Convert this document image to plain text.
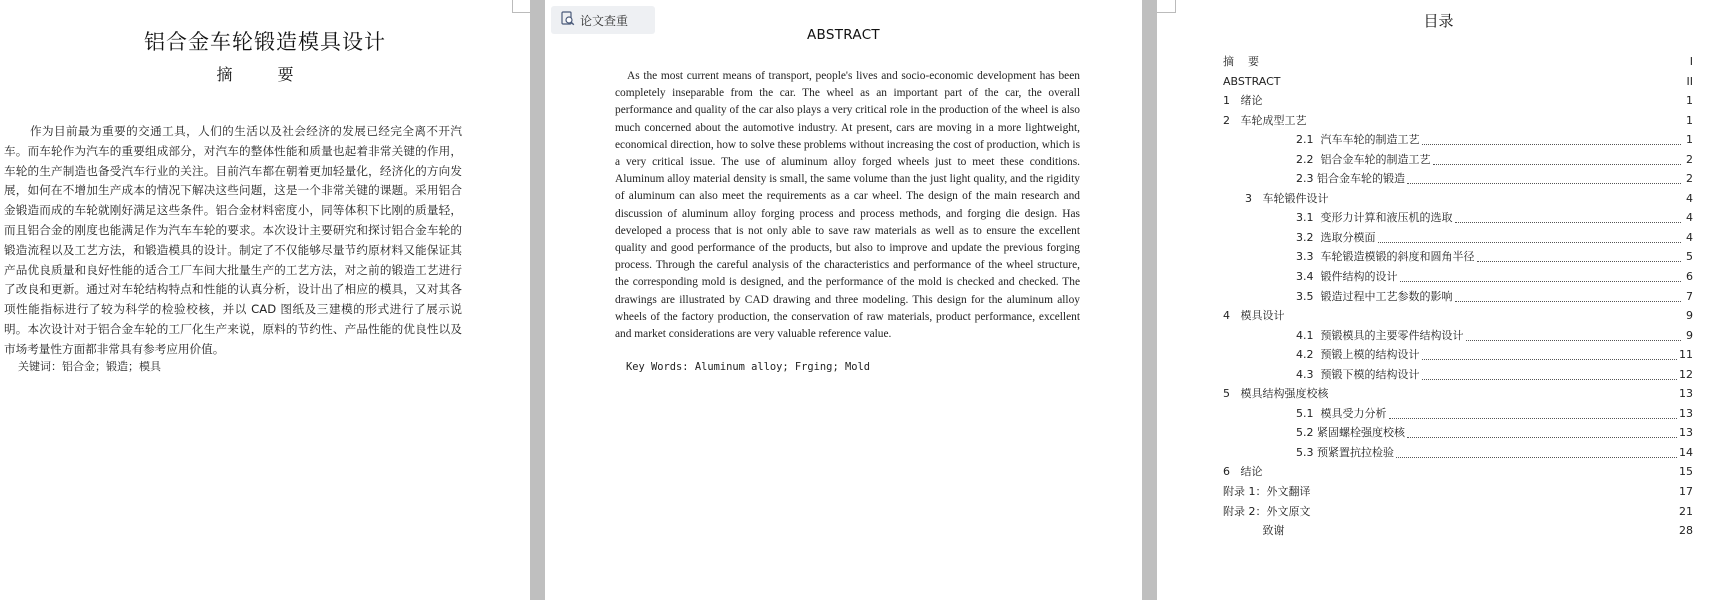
铝合金车轮锻造模具设计
摘 要
作为目前最为重要的交通工具，人们的生活以及社会经济的发展已经完全离不开汽车。而车轮作为汽车的重要组成部分，对汽车的整体性能和质量也起着非常关键的作用，车轮的生产制造也备受汽车行业的关注。目前汽车都在朝着更加轻量化，经济化的方向发展，如何在不增加生产成本的情况下解决这些问题，这是一个非常关键的课题。采用铝合金锻造而成的车轮就刚好满足这些条件。铝合金材料密度小，同等体积下比刚的质量轻，而且铝合金的刚度也能满足作为汽车车轮的要求。本次设计主要研究和探讨铝合金车轮的锻造流程以及工艺方法，和锻造模具的设计。制定了不仅能够尽量节约原材料又能保证其产品优良质量和良好性能的适合工厂车间大批量生产的工艺方法，对之前的锻造工艺进行了改良和更新。通过对车轮结构特点和性能的认真分析，设计出了相应的模具，又对其各项性能指标进行了较为科学的检验校核，并以 CAD 图纸及三建模的形式进行了展示说明。本次设计对于铝合金车轮的工厂化生产来说，原料的节约性、产品性能的优良性以及市场考量性方面都非常具有参考应用价值。
关键词：铝合金；锻造；模具
论文查重
ABSTRACT
As the most current means of transport, people's lives and socio-economic development has been completely inseparable from the car. The wheel as an important part of the car, the overall performance and quality of the car also plays a very critical role in the production of the wheel is also much concerned about the automotive industry. At present, cars are moving in a more lightweight, economical direction, how to solve these problems without increasing the cost of production, which is a very critical issue. The use of aluminum alloy forged wheels just to meet these conditions. Aluminum alloy material density is small, the same volume than the just light quality, and the rigidity of aluminum can also meet the requirements as a car wheel. The design of the main research and discussion of aluminum alloy forging process and process methods, and forging die design. Has developed a process that is not only able to save raw materials as well as to ensure the excellent quality and good performance of the products, but also to improve and update the previous forging process. Through the careful analysis of the characteristics and performance of the wheel structure, the corresponding mold is designed, and the performance of the mold is checked and checked. The drawings are illustrated by CAD drawing and three modeling. This design for the aluminum alloy wheels of the factory production, the conservation of raw materials, product performance, excellent and market considerations are very valuable reference value.
Key Words: Aluminum alloy; Frging; Mold
目录
摘    要	I
ABSTRACT	II
1   绪论	1
2   车轮成型工艺	1
2.1  汽车车轮的制造工艺	1
2.2  铝合金车轮的制造工艺	2
2.3 铝合金车轮的锻造	2
3   车轮锻件设计	4
3.1  变形力计算和液压机的选取	4
3.2  选取分模面	4
3.3  车轮锻造模锻的斜度和圆角半径	5
3.4  锻件结构的设计	6
3.5  锻造过程中工艺参数的影响	7
4   模具设计	9
4.1  预锻模具的主要零件结构设计	9
4.2  预锻上模的结构设计	11
4.3  预锻下模的结构设计	12
5   模具结构强度校核	13
5.1  模具受力分析	13
5.2 紧固螺栓强度校核	13
5.3 预紧置抗拉检验	14
6   结论	15
附录 1：外文翻译	17
附录 2：外文原文	21
致谢	28
